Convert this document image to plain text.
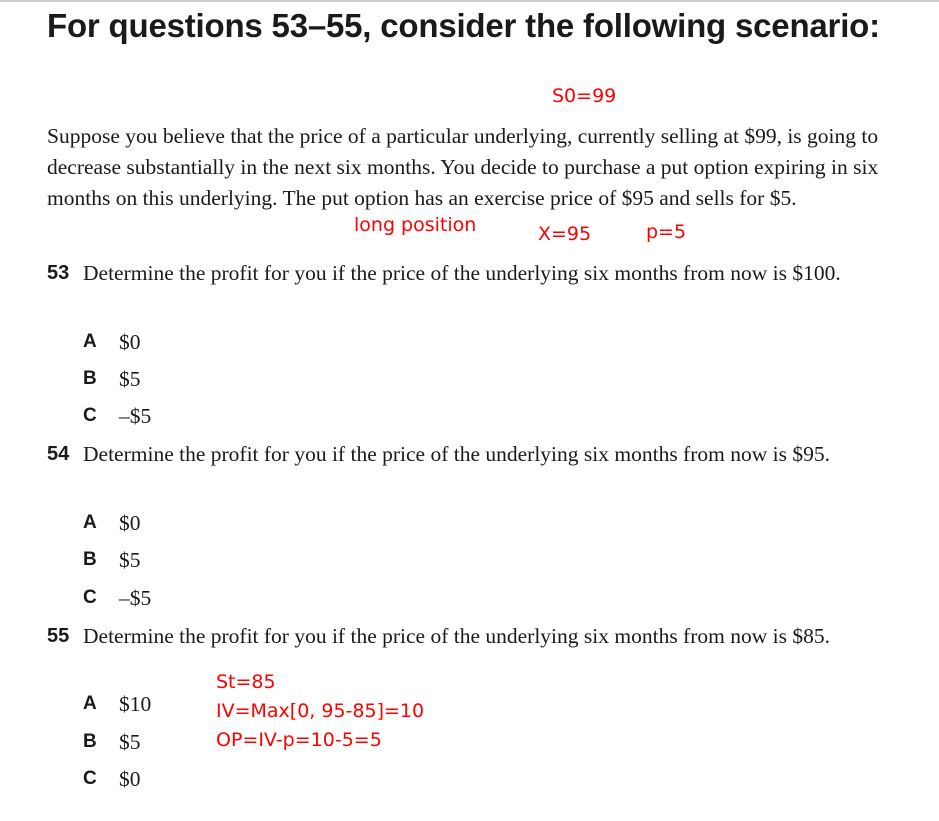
For questions 53–55, consider the following scenario:
S0=99

Suppose you believe that the price of a particular underlying, currently selling at $99, is going to decrease substantially in the next six months. You decide to purchase a put option expiring in six months on this underlying. The put option has an exercise price of $95 and sells for $5.

long position	X=95	p=5
53 Determine the profit for you if the price of the underlying six months from now is $100.

A $0
B $5
C –$5
54 Determine the profit for you if the price of the underlying six months from now is $95.

A $0
B $5
C –$5
55 Determine the profit for you if the price of the underlying six months from now is $85.

A $10
B $5
C $0
St=85
IV=Max[0, 95-85]=10
OP=IV-p=10-5=5
